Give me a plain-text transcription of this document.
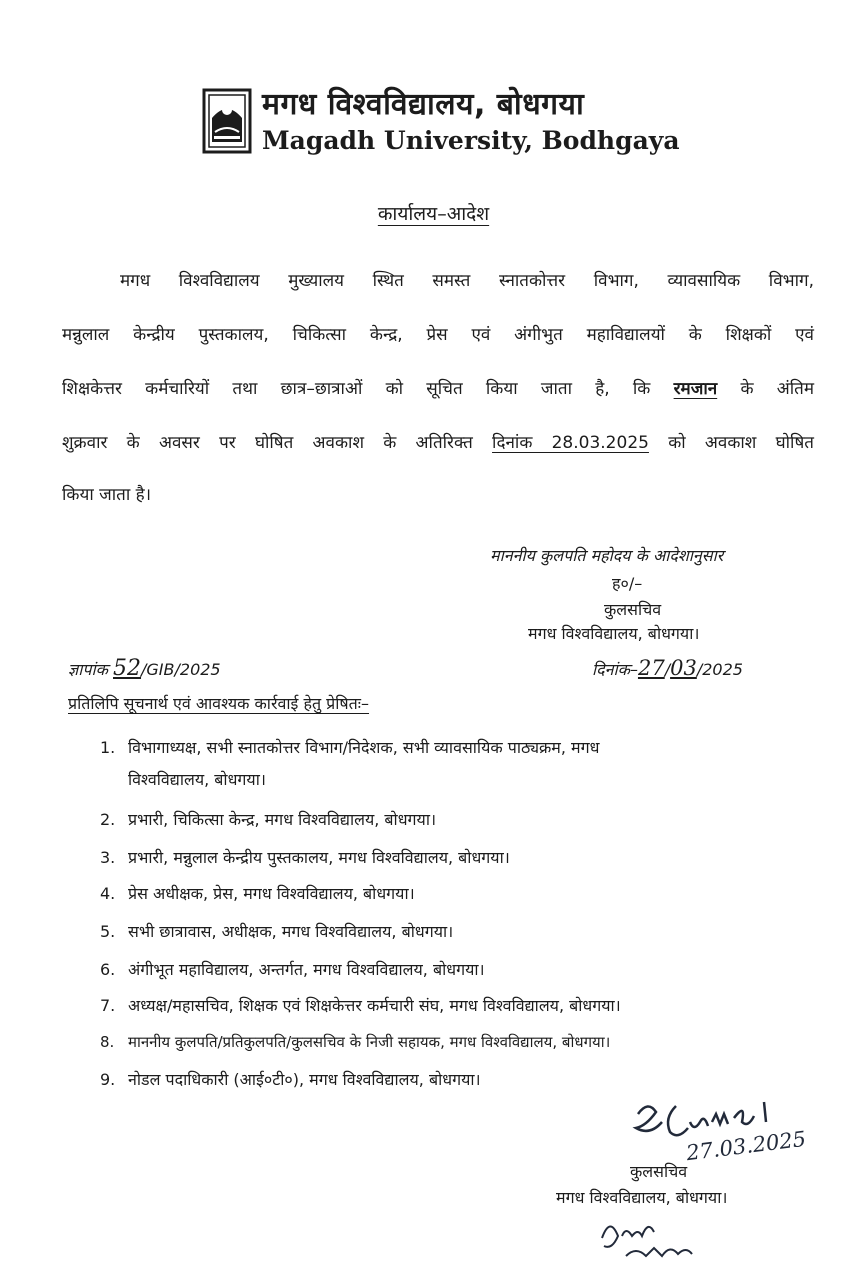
मगध विश्वविद्यालय, बोधगया
Magadh University, Bodhgaya
कार्यालय–आदेश
मगध विश्वविद्यालय मुख्यालय स्थित समस्त स्नातकोत्तर विभाग, व्यावसायिक विभाग,
मन्नुलाल केन्द्रीय पुस्तकालय, चिकित्सा केन्द्र, प्रेस एवं अंगीभुत महाविद्यालयों के शिक्षकों एवं
शिक्षकेत्तर कर्मचारियों तथा छात्र–छात्राओं को सूचित किया जाता है, कि रमजान के अंतिम
शुक्रवार के अवसर पर घोषित अवकाश के अतिरिक्त दिनांक 28.03.2025 को अवकाश घोषित
किया जाता है।
माननीय कुलपति महोदय के आदेशानुसार
ह०/–
कुलसचिव
मगध विश्वविद्यालय, बोधगया।
ज्ञापांक 52/GIB/2025	दिनांक–27/03/2025
प्रतिलिपि सूचनार्थ एवं आवश्यक कार्रवाई हेतु प्रेषितः–
1. विभागाध्यक्ष, सभी स्नातकोत्तर विभाग/निदेशक, सभी व्यावसायिक पाठ्यक्रम, मगध
विश्वविद्यालय, बोधगया।
2. प्रभारी, चिकित्सा केन्द्र, मगध विश्वविद्यालय, बोधगया।
3. प्रभारी, मन्नुलाल केन्द्रीय पुस्तकालय, मगध विश्वविद्यालय, बोधगया।
4. प्रेस अधीक्षक, प्रेस, मगध विश्वविद्यालय, बोधगया।
5. सभी छात्रावास, अधीक्षक, मगध विश्वविद्यालय, बोधगया।
6. अंगीभूत महाविद्यालय, अन्तर्गत, मगध विश्वविद्यालय, बोधगया।
7. अध्यक्ष/महासचिव, शिक्षक एवं शिक्षकेत्तर कर्मचारी संघ, मगध विश्वविद्यालय, बोधगया।
8. माननीय कुलपति/प्रतिकुलपति/कुलसचिव के निजी सहायक, मगध विश्वविद्यालय, बोधगया।
9. नोडल पदाधिकारी (आई०टी०), मगध विश्वविद्यालय, बोधगया।
27.03.2025
कुलसचिव
मगध विश्वविद्यालय, बोधगया।
